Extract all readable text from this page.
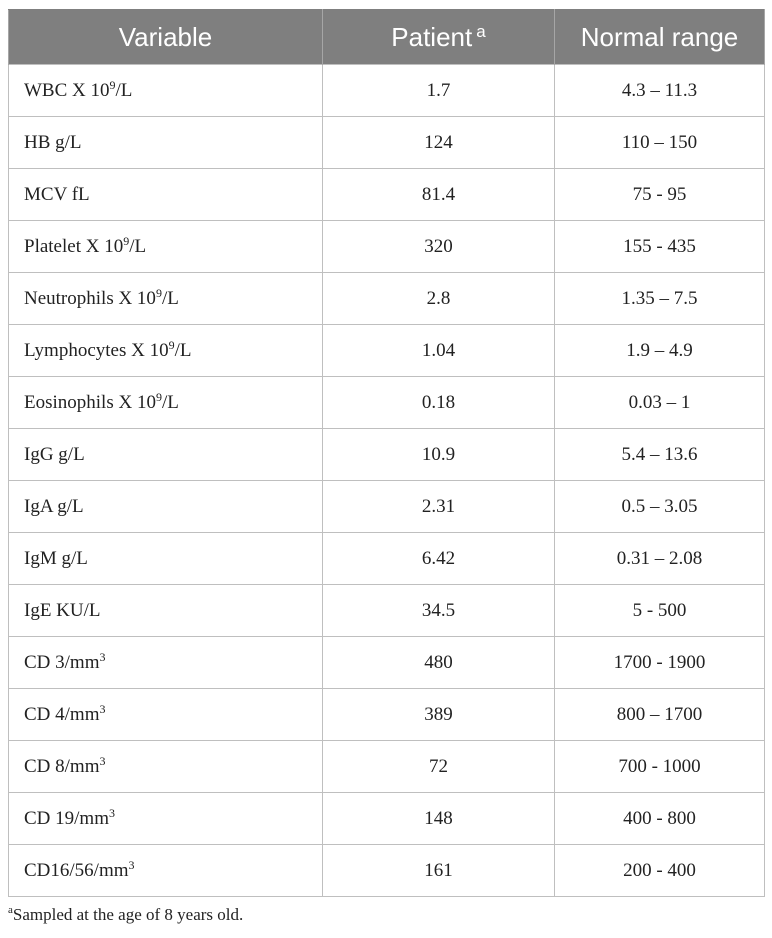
Variable	Patient $^a$	Normal range
WBC X $10^9/L$	1.7	4.3 – 11.3
HB g/L	124	110 – 150
MCV fL	81.4	75 - 95
Platelet X $10^9/L$	320	155 - 435
Neutrophils X $10^9/L$	2.8	1.35 – 7.5
Lymphocytes X $10^9/L$	1.04	1.9 – 4.9
Eosinophils X $10^9/L$	0.18	0.03 – 1
IgG g/L	10.9	5.4 – 13.6
IgA g/L	2.31	0.5 – 3.05
IgM g/L	6.42	0.31 – 2.08
IgE KU/L	34.5	5 - 500
CD $3/mm^3$	480	1700 - 1900
CD $4/mm^3$	389	800 – 1700
CD $8/mm^3$	72	700 - 1000
CD $19/mm^3$	148	400 - 800
$CD16/56/mm^3$	161	200 - 400
$^a$Sampled at the age of 8 years old.
